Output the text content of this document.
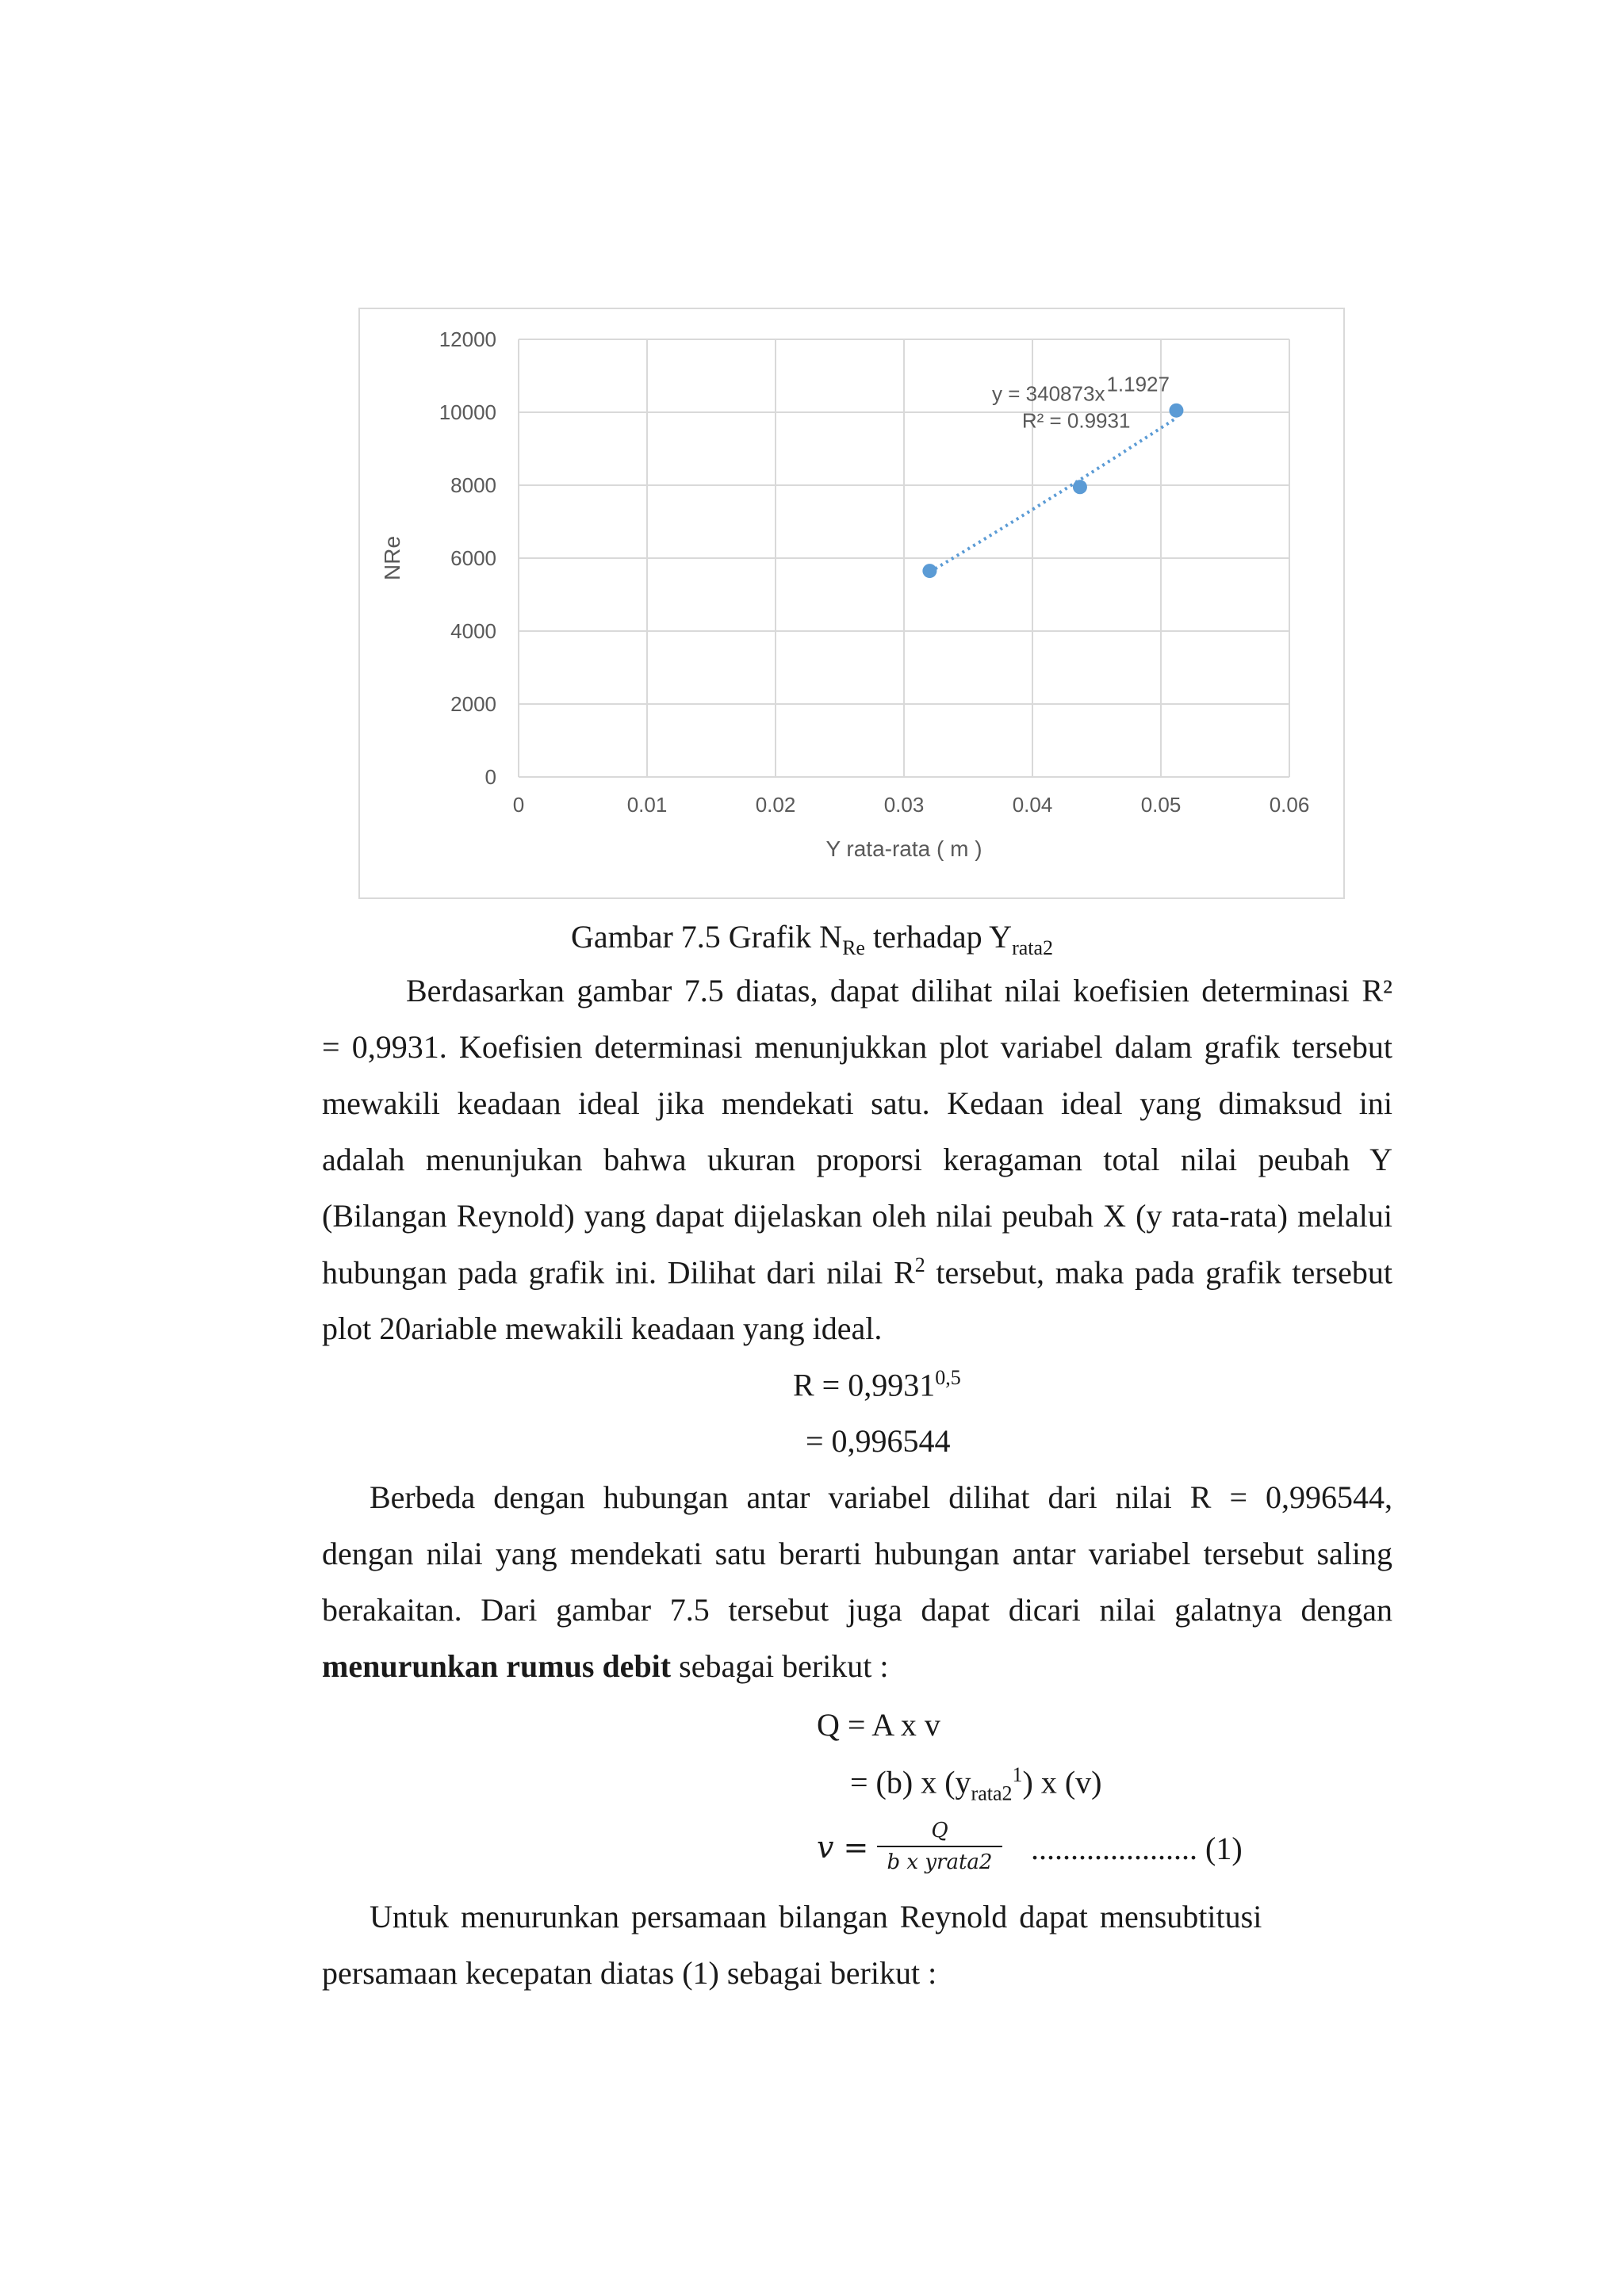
0
2000
4000
6000
8000
10000
12000
0	0.01	0.02	0.03	0.04	0.05	0.06
Y rata-rata ( m )
NRe
y = 340873x 1.1927
R² = 0.9931
Gambar 7.5 Grafik $N_{Re}$ terhadap $Y_{rata2}$
Berdasarkan gambar 7.5 diatas, dapat dilihat nilai koefisien determinasi R²
= 0,9931. Koefisien determinasi menunjukkan plot variabel dalam grafik tersebut
mewakili keadaan ideal jika mendekati satu. Kedaan ideal yang dimaksud ini
adalah menunjukan bahwa ukuran proporsi keragaman total nilai peubah Y
(Bilangan Reynold) yang dapat dijelaskan oleh nilai peubah X (y rata-rata) melalui
hubungan pada grafik ini. Dilihat dari nilai $R^2$ tersebut, maka pada grafik tersebut
plot 20ariable mewakili keadaan yang ideal.
$R = 0,9931^{0,5}$
= 0,996544
Berbeda dengan hubungan antar variabel dilihat dari nilai R = 0,996544,
dengan nilai yang mendekati satu berarti hubungan antar variabel tersebut saling
berakaitan. Dari gambar 7.5 tersebut juga dapat dicari nilai galatnya dengan
menurunkan rumus debit sebagai berikut :
Q = A x v
= (b) x $(y_{rata2}^1)$ x (v)
v =	Q
b x yrata2	..................... (1)
Untuk menurunkan persamaan bilangan Reynold dapat mensubtitusi
persamaan kecepatan diatas (1) sebagai berikut :
